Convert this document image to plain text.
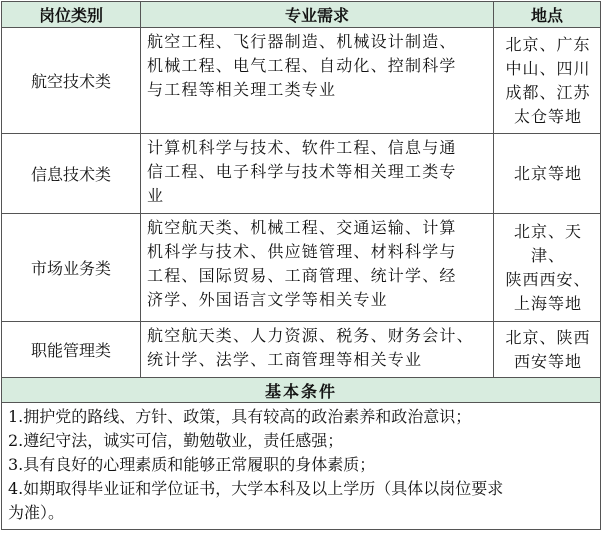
岗位类别	专业需求	地点
航空技术类	航空工程、飞行器制造、机械设计制造、
机械工程、电气工程、自动化、控制科学
与工程等相关理工类专业	北京、广东
中山、四川
成都、江苏
太仓等地

信息技术类	计算机科学与技术、软件工程、信息与通
信工程、电子科学与技术等相关理工类专
业	北京等地

市场业务类	航空航天类、机械工程、交通运输、计算
机科学与技术、供应链管理、材料科学与
工程、国际贸易、工商管理、统计学、经
济学、外国语言文学等相关专业	北京、天津、
陕西西安、
上海等地

职能管理类	航空航天类、人力资源、税务、财务会计、
统计学、法学、工商管理等相关专业	北京、陕西
西安等地

基本条件		

1.拥护党的路线、方针、政策，具有较高的政治素养和政治意识；
2.遵纪守法，诚实可信，勤勉敬业，责任感强；
3.具有良好的心理素质和能够正常履职的身体素质；
4.如期取得毕业证和学位证书，大学本科及以上学历（具体以岗位要求
为准）。		
